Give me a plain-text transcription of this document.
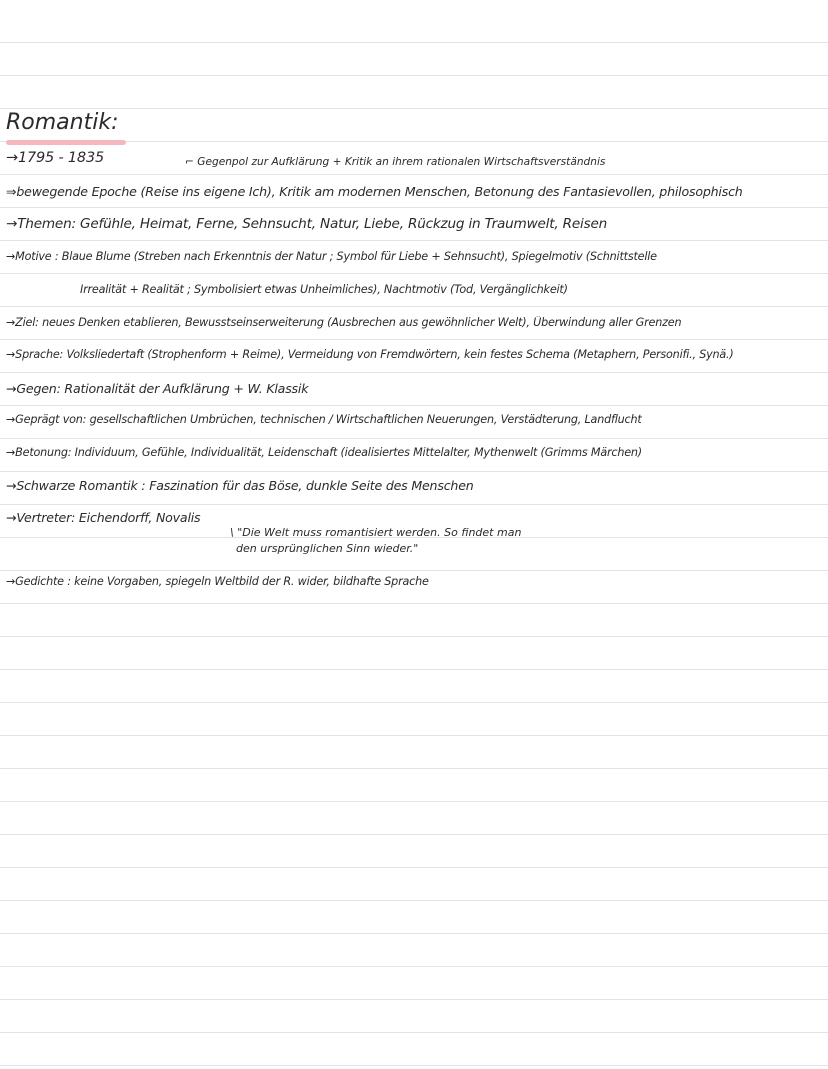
Romantik:
→1795 - 1835	⌐ Gegenpol zur Aufklärung + Kritik an ihrem rationalen Wirtschaftsverständnis
⇒bewegende Epoche (Reise ins eigene Ich), Kritik am modernen Menschen, Betonung des Fantasievollen, philosophisch
→Themen: Gefühle, Heimat, Ferne, Sehnsucht, Natur, Liebe, Rückzug in Traumwelt, Reisen
→Motive : Blaue Blume (Streben nach Erkenntnis der Natur ; Symbol für Liebe + Sehnsucht), Spiegelmotiv (Schnittstelle
Irrealität + Realität ; Symbolisiert etwas Unheimliches), Nachtmotiv (Tod, Vergänglichkeit)
→Ziel: neues Denken etablieren, Bewusstseinserweiterung (Ausbrechen aus gewöhnlicher Welt), Überwindung aller Grenzen
→Sprache: Volksliedertaft (Strophenform + Reime), Vermeidung von Fremdwörtern, kein festes Schema (Metaphern, Personifi., Synä.)
→Gegen: Rationalität der Aufklärung + W. Klassik
→Geprägt von: gesellschaftlichen Umbrüchen, technischen / Wirtschaftlichen Neuerungen, Verstädterung, Landflucht
→Betonung: Individuum, Gefühle, Individualität, Leidenschaft (idealisiertes Mittelalter, Mythenwelt (Grimms Märchen)
→Schwarze Romantik : Faszination für das Böse, dunkle Seite des Menschen
→Vertreter: Eichendorff, Novalis
\ "Die Welt muss romantisiert werden. So findet man
den ursprünglichen Sinn wieder."
→Gedichte : keine Vorgaben, spiegeln Weltbild der R. wider, bildhafte Sprache
